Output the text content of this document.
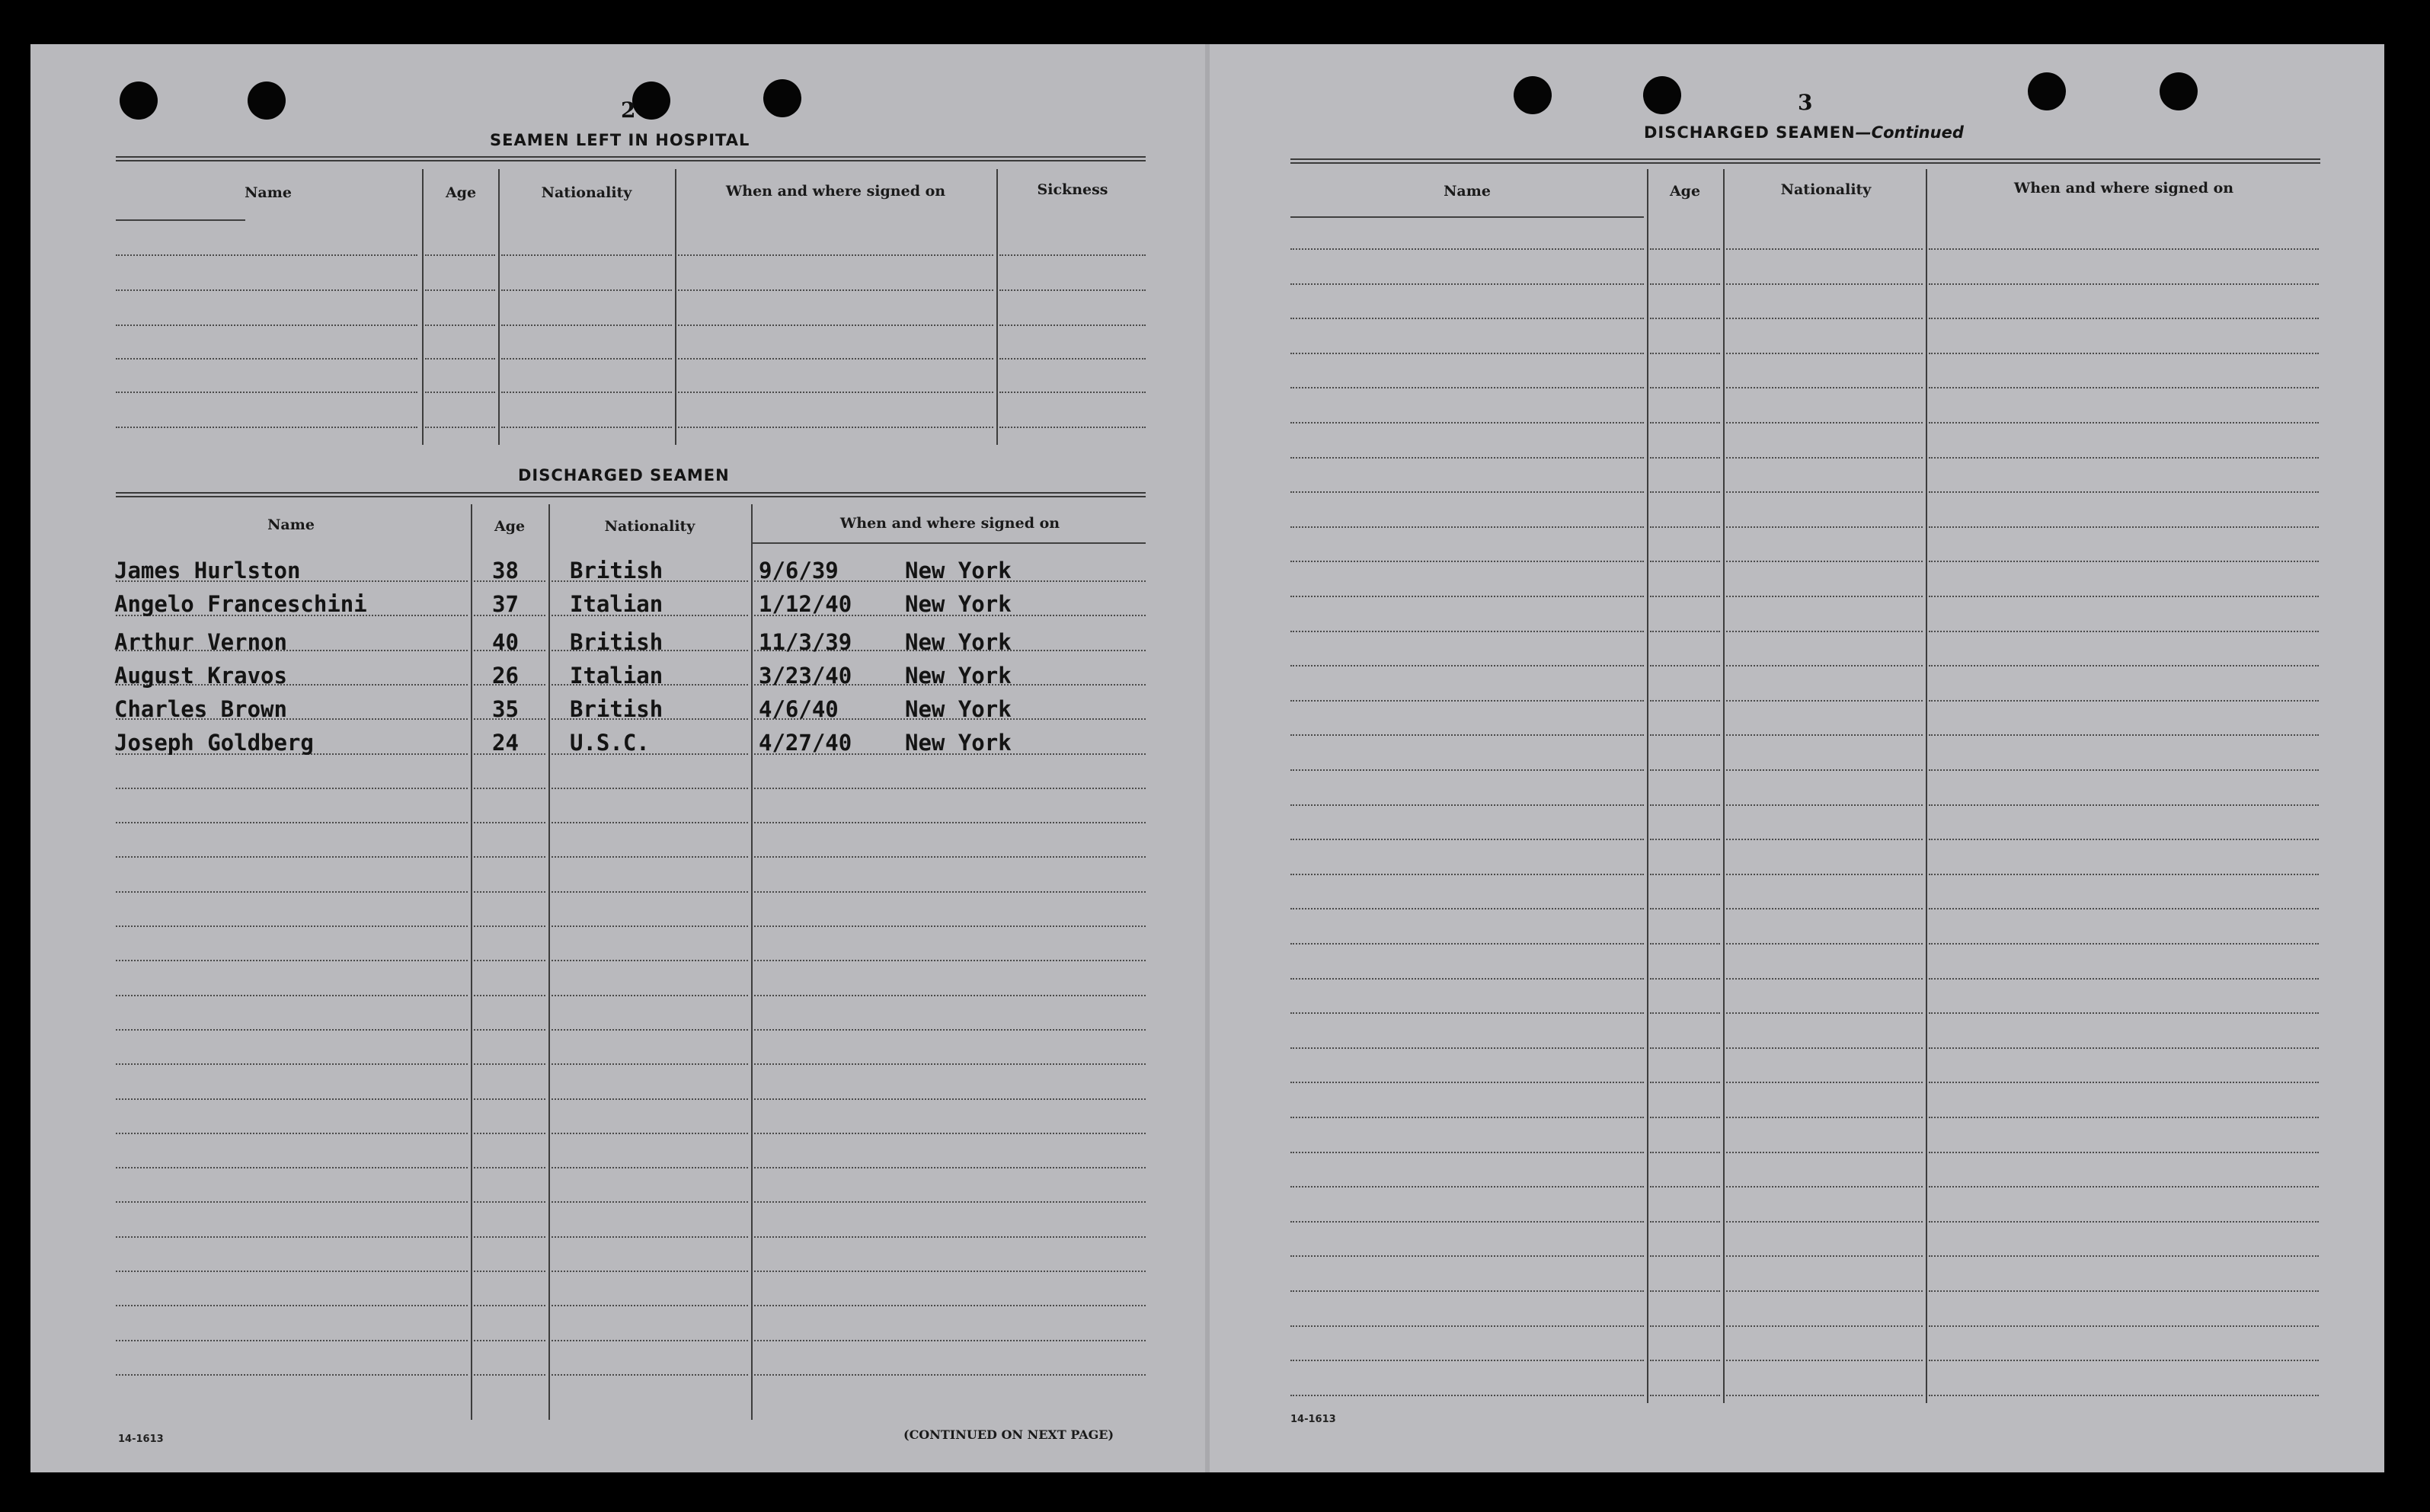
2
SEAMEN LEFT IN HOSPITAL
Name	Age	Nationality	When and where signed on	Sickness
DISCHARGED SEAMEN
Name	Age	Nationality	When and where signed on
James Hurlston	38 British	9/6/39	New York
Angelo Franceschini	37 Italian	1/12/40 New York
Arthur Vernon	40 British	11/3/39 New York
August Kravos	26 Italian	3/23/40 New York
Charles Brown	35 British	4/6/40	New York
Joseph Goldberg	24 U.S.C.	4/27/40 New York
14-1613	(CONTINUED ON NEXT PAGE)
3
DISCHARGED SEAMEN—Continued
Name	Age	Nationality	When and where signed on
14-1613
